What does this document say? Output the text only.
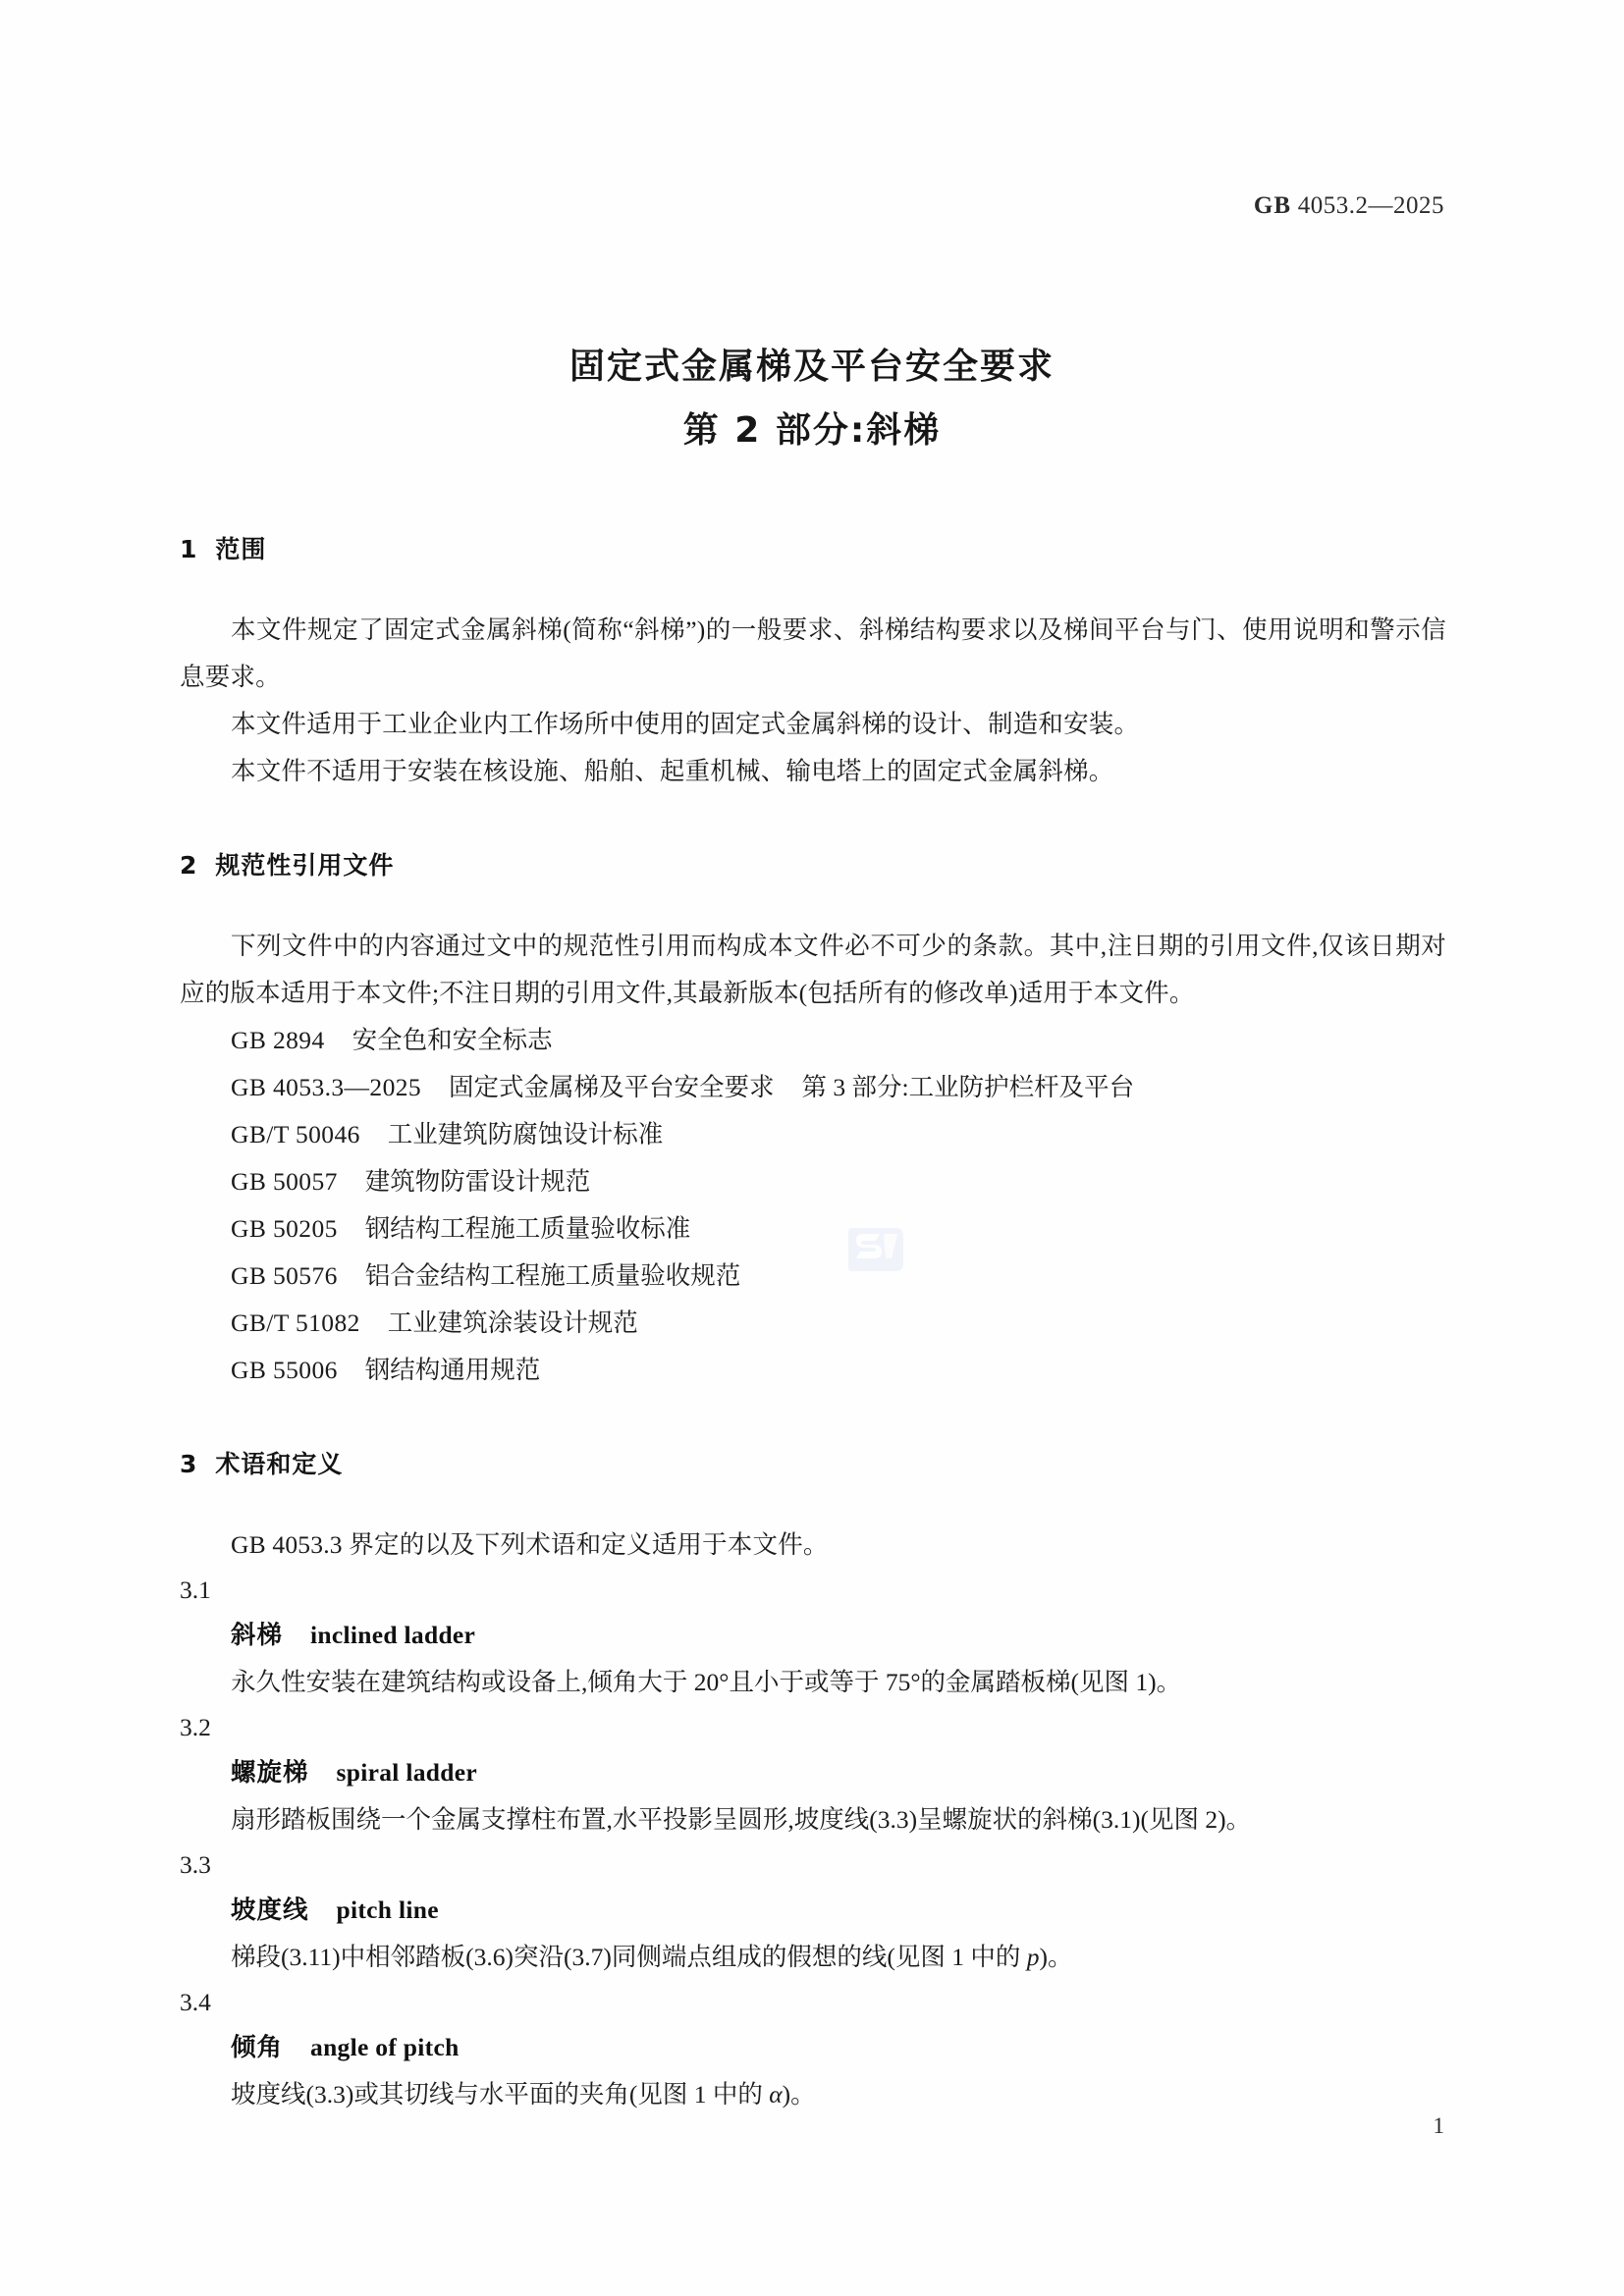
GB 4053.2—2025
固定式金属梯及平台安全要求
第 2 部分:斜梯
1 范围

本文件规定了固定式金属斜梯(简称“斜梯”)的一般要求、斜梯结构要求以及梯间平台与门、使用说明和警示信息要求。

本文件适用于工业企业内工作场所中使用的固定式金属斜梯的设计、制造和安装。

本文件不适用于安装在核设施、船舶、起重机械、输电塔上的固定式金属斜梯。

2 规范性引用文件

下列文件中的内容通过文中的规范性引用而构成本文件必不可少的条款。其中,注日期的引用文件,仅该日期对应的版本适用于本文件;不注日期的引用文件,其最新版本(包括所有的修改单)适用于本文件。

GB 2894 安全色和安全标志
GB 4053.3—2025 固定式金属梯及平台安全要求 第 3 部分:工业防护栏杆及平台
GB/T 50046 工业建筑防腐蚀设计标准
GB 50057 建筑物防雷设计规范
GB 50205 钢结构工程施工质量验收标准
GB 50576 铝合金结构工程施工质量验收规范
GB/T 51082 工业建筑涂装设计规范
GB 55006 钢结构通用规范
3 术语和定义

GB 4053.3 界定的以及下列术语和定义适用于本文件。

3.1

斜梯 inclined ladder

永久性安装在建筑结构或设备上,倾角大于 20°且小于或等于 75°的金属踏板梯(见图 1)。

3.2

螺旋梯 spiral ladder

扇形踏板围绕一个金属支撑柱布置,水平投影呈圆形,坡度线(3.3)呈螺旋状的斜梯(3.1)(见图 2)。

3.3

坡度线 pitch line

梯段(3.11)中相邻踏板(3.6)突沿(3.7)同侧端点组成的假想的线(见图 1 中的 p)。

3.4

倾角 angle of pitch

坡度线(3.3)或其切线与水平面的夹角(见图 1 中的 α)。

1
